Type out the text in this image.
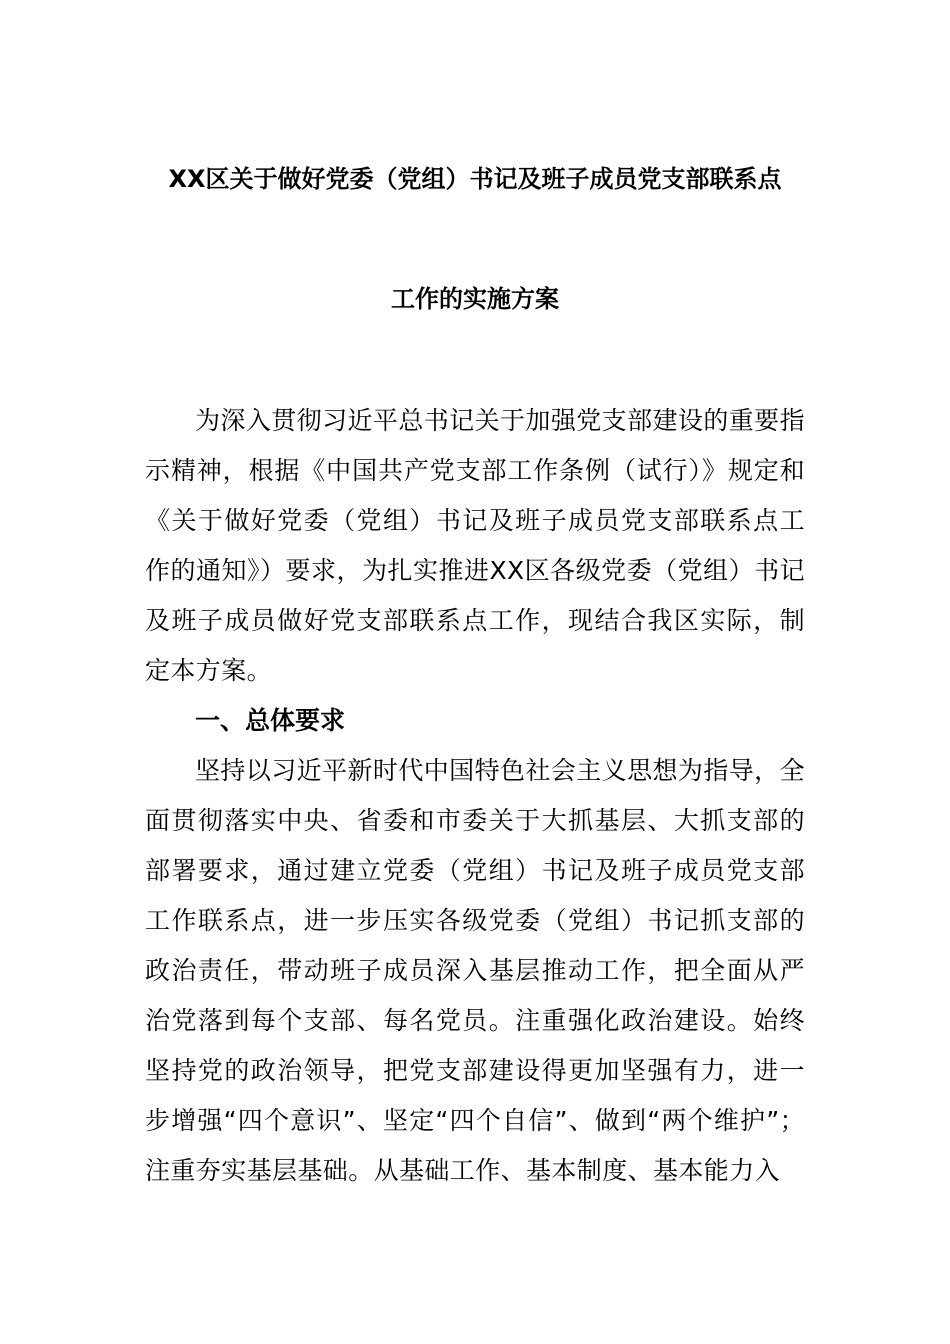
XX区关于做好党委（党组）书记及班子成员党支部联系点
工作的实施方案

为深入贯彻习近平总书记关于加强党支部建设的重要指示精神，根据《中国共产党支部工作条例（试行）》规定和《关于做好党委（党组）书记及班子成员党支部联系点工作的通知》）要求，为扎实推进XX区各级党委（党组）书记及班子成员做好党支部联系点工作，现结合我区实际，制定本方案。

一、总体要求

坚持以习近平新时代中国特色社会主义思想为指导，全面贯彻落实中央、省委和市委关于大抓基层、大抓支部的部署要求，通过建立党委（党组）书记及班子成员党支部工作联系点，进一步压实各级党委（党组）书记抓支部的政治责任，带动班子成员深入基层推动工作，把全面从严治党落到每个支部、每名党员。注重强化政治建设。始终坚持党的政治领导，把党支部建设得更加坚强有力，进一步增强“四个意识”、坚定“四个自信”、做到“两个维护”；注重夯实基层基础。从基础工作、基本制度、基本能力入
